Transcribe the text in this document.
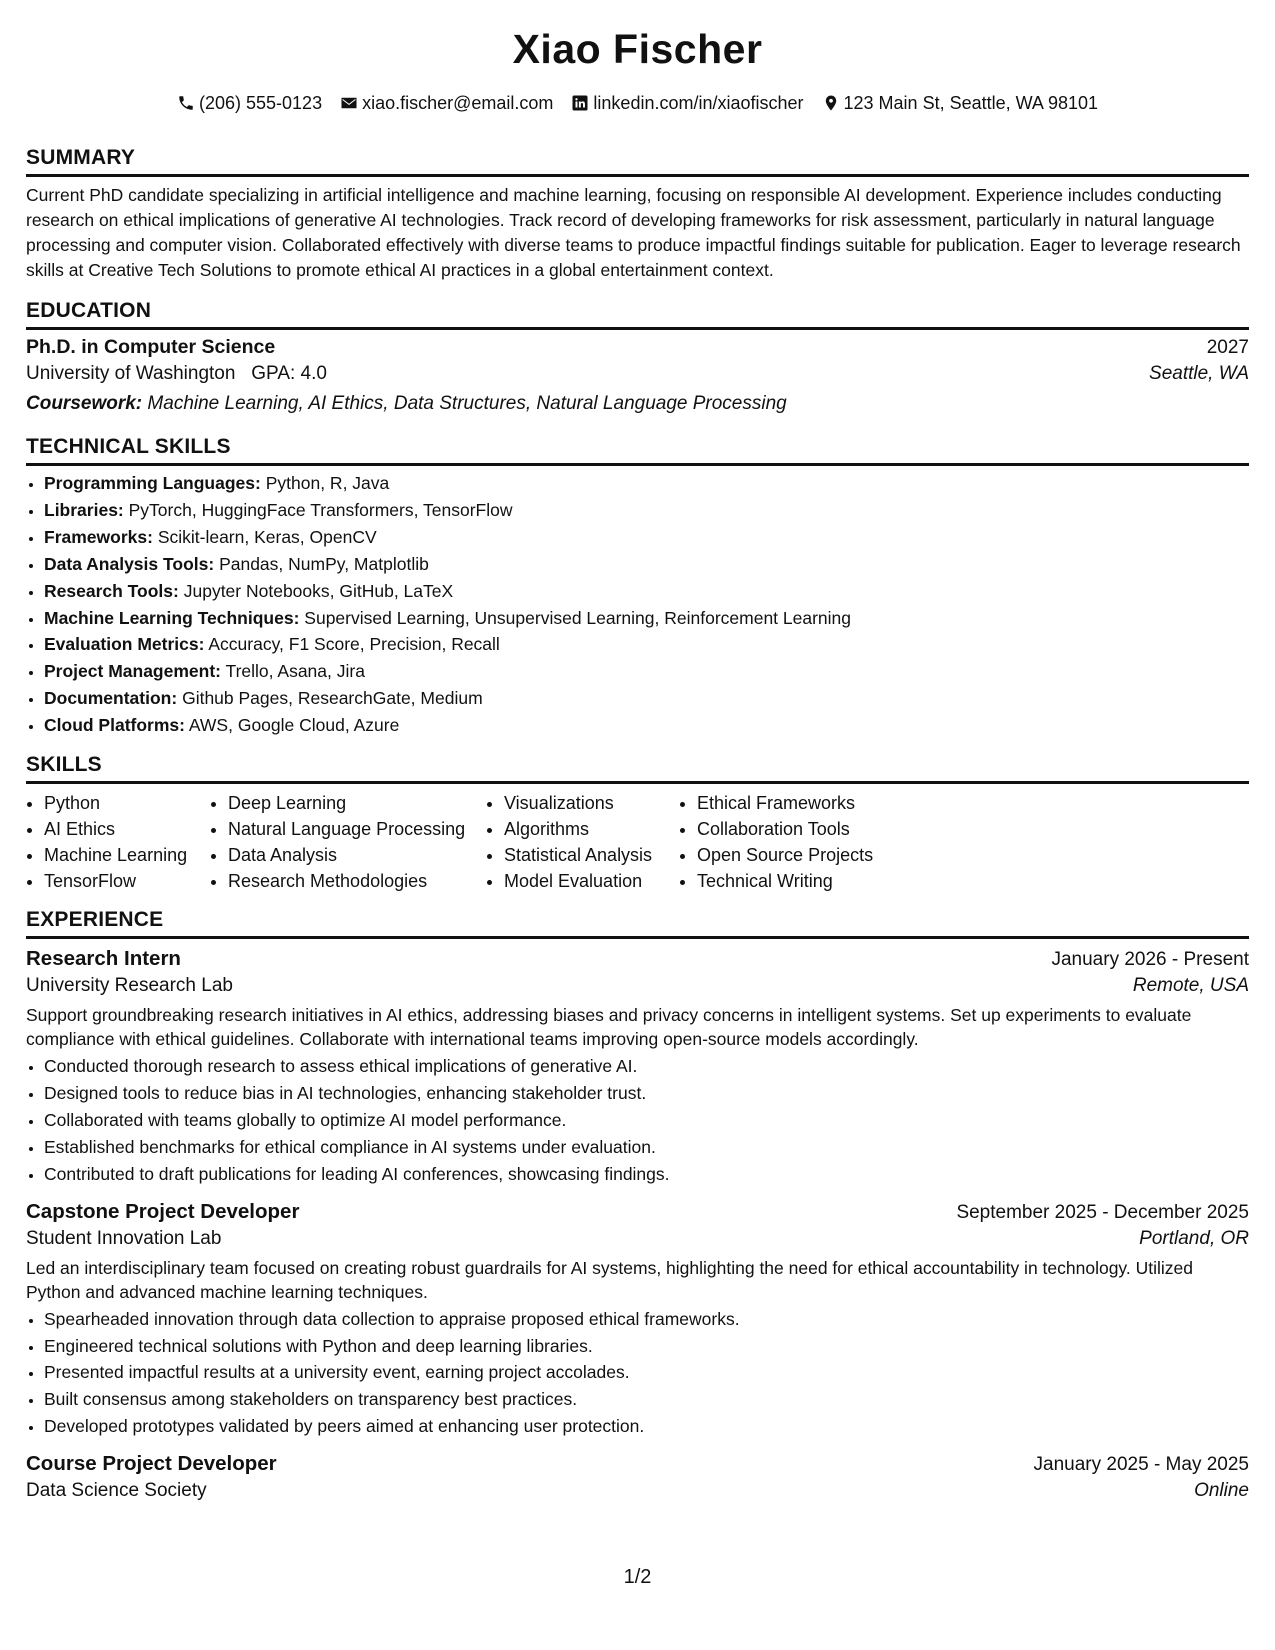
Xiao Fischer
(206) 555-0123 xiao.fischer@email.com linkedin.com/in/xiaofischer 123 Main St, Seattle, WA 98101
SUMMARY
Current PhD candidate specializing in artificial intelligence and machine learning, focusing on responsible AI development. Experience includes conducting research on ethical implications of generative AI technologies. Track record of developing frameworks for risk assessment, particularly in natural language processing and computer vision. Collaborated effectively with diverse teams to produce impactful findings suitable for publication. Eager to leverage research skills at Creative Tech Solutions to promote ethical AI practices in a global entertainment context.
EDUCATION
Ph.D. in Computer Science	2027
University of Washington GPA: 4.0	Seattle, WA
Coursework: Machine Learning, AI Ethics, Data Structures, Natural Language Processing
TECHNICAL SKILLS
• Programming Languages: Python, R, Java
• Libraries: PyTorch, HuggingFace Transformers, TensorFlow
• Frameworks: Scikit-learn, Keras, OpenCV
• Data Analysis Tools: Pandas, NumPy, Matplotlib
• Research Tools: Jupyter Notebooks, GitHub, LaTeX
• Machine Learning Techniques: Supervised Learning, Unsupervised Learning, Reinforcement Learning
• Evaluation Metrics: Accuracy, F1 Score, Precision, Recall
• Project Management: Trello, Asana, Jira
• Documentation: Github Pages, ResearchGate, Medium
• Cloud Platforms: AWS, Google Cloud, Azure
SKILLS
• Python
• AI Ethics
• Machine Learning
• TensorFlow
• Deep Learning
• Natural Language Processing
• Data Analysis
• Research Methodologies
• Visualizations
• Algorithms
• Statistical Analysis
• Model Evaluation
• Ethical Frameworks
• Collaboration Tools
• Open Source Projects
• Technical Writing
EXPERIENCE
Research Intern	January 2026 - Present
University Research Lab	Remote, USA
Support groundbreaking research initiatives in AI ethics, addressing biases and privacy concerns in intelligent systems. Set up experiments to evaluate compliance with ethical guidelines. Collaborate with international teams improving open-source models accordingly.
• Conducted thorough research to assess ethical implications of generative AI.
• Designed tools to reduce bias in AI technologies, enhancing stakeholder trust.
• Collaborated with teams globally to optimize AI model performance.
• Established benchmarks for ethical compliance in AI systems under evaluation.
• Contributed to draft publications for leading AI conferences, showcasing findings.
Capstone Project Developer	September 2025 - December 2025
Student Innovation Lab	Portland, OR
Led an interdisciplinary team focused on creating robust guardrails for AI systems, highlighting the need for ethical accountability in technology. Utilized Python and advanced machine learning techniques.
• Spearheaded innovation through data collection to appraise proposed ethical frameworks.
• Engineered technical solutions with Python and deep learning libraries.
• Presented impactful results at a university event, earning project accolades.
• Built consensus among stakeholders on transparency best practices.
• Developed prototypes validated by peers aimed at enhancing user protection.
Course Project Developer	January 2025 - May 2025
Data Science Society	Online
1/2
